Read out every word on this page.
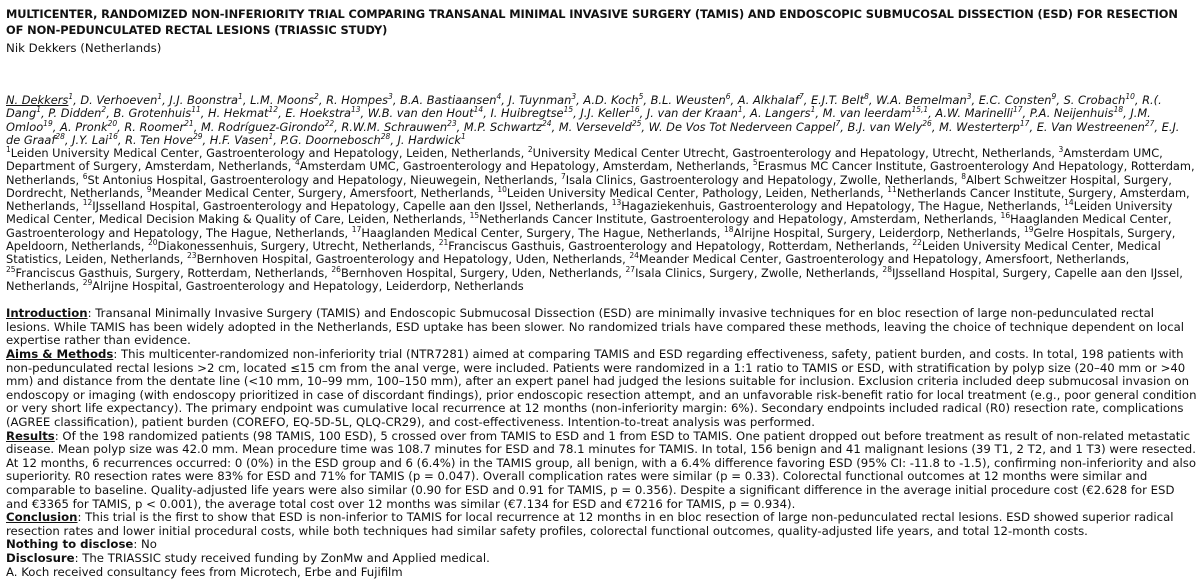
MULTICENTER, RANDOMIZED NON-INFERIORITY TRIAL COMPARING TRANSANAL MINIMAL INVASIVE SURGERY (TAMIS) AND ENDOSCOPIC SUBMUCOSAL DISSECTION (ESD) FOR RESECTION OF NON-PEDUNCULATED RECTAL LESIONS (TRIASSIC STUDY)
Nik Dekkers (Netherlands)
N. Dekkers$^1$, D. Verhoeven$^1$, J.J. Boonstra$^1$, L.M. Moons$^2$, R. Hompes$^3$, B.A. Bastiaansen$^4$, J. Tuynman$^3$, A.D. Koch$^5$, B.L. Weusten$^6$, A. Alkhalaf$^7$, E.J.T. Belt$^8$, W.A. Bemelman$^3$, E.C. Consten$^9$, S. Crobach$^{10}$, R.(. Dang$^1$, P. Didden$^2$, B. Grotenhuis$^{11}$, H. Hekmat$^{12}$, E. Hoekstra$^{13}$, W.B. van den Hout$^{14}$, I. Huibregtse$^{15}$, J.J. Keller$^{16}$, J. van der Kraan$^1$, A. Langers$^1$, M. van leerdam$^{15,1}$, A.W. Marinelli$^{17}$, P.A. Neijenhuis$^{18}$, J.M. Omloo$^{19}$, A. Pronk$^{20}$, R. Roomer$^{21}$, M. Rodríguez-Girondo$^{22}$, R.W.M. Schrauwen$^{23}$, M.P. Schwartz$^{24}$, M. Verseveld$^{25}$, W. De Vos Tot Nederveen Cappel$^7$, B.J. van Wely$^{26}$, M. Westerterp$^{17}$, E. Van Westreenen$^{27}$, E.J. de Graaf$^{28}$, J.Y. Lai$^{16}$, R. Ten Hove$^{29}$, H.F. Vasen$^1$, P.G. Doornebosch$^{28}$, J. Hardwick$^1$
$^1$Leiden University Medical Center, Gastroenterology and Hepatology, Leiden, Netherlands, $^2$University Medical Center Utrecht, Gastroenterology and Hepatology, Utrecht, Netherlands, $^3$Amsterdam UMC, Department of Surgery, Amsterdam, Netherlands, $^4$Amsterdam UMC, Gastroenterology and Hepatology, Amsterdam, Netherlands, $^5$Erasmus MC Cancer Institute, Gastroenterology And Hepatology, Rotterdam, Netherlands, $^6$St Antonius Hospital, Gastroenterology and Hepatology, Nieuwegein, Netherlands, $^7$Isala Clinics, Gastroenterology and Hepatology, Zwolle, Netherlands, $^8$Albert Schweitzer Hospital, Surgery, Dordrecht, Netherlands, $^9$Meander Medical Center, Surgery, Amersfoort, Netherlands, $^{10}$Leiden University Medical Center, Pathology, Leiden, Netherlands, $^{11}$Netherlands Cancer Institute, Surgery, Amsterdam, Netherlands, $^{12}$IJsselland Hospital, Gastroenterology and Hepatology, Capelle aan den IJssel, Netherlands, $^{13}$Hagaziekenhuis, Gastroenterology and Hepatology, The Hague, Netherlands, $^{14}$Leiden University Medical Center, Medical Decision Making & Quality of Care, Leiden, Netherlands, $^{15}$Netherlands Cancer Institute, Gastroenterology and Hepatology, Amsterdam, Netherlands, $^{16}$Haaglanden Medical Center, Gastroenterology and Hepatology, The Hague, Netherlands, $^{17}$Haaglanden Medical Center, Surgery, The Hague, Netherlands, $^{18}$Alrijne Hospital, Surgery, Leiderdorp, Netherlands, $^{19}$Gelre Hospitals, Surgery, Apeldoorn, Netherlands, $^{20}$Diakonessenhuis, Surgery, Utrecht, Netherlands, $^{21}$Franciscus Gasthuis, Gastroenterology and Hepatology, Rotterdam, Netherlands, $^{22}$Leiden University Medical Center, Medical Statistics, Leiden, Netherlands, $^{23}$Bernhoven Hospital, Gastroenterology and Hepatology, Uden, Netherlands, $^{24}$Meander Medical Center, Gastroenterology and Hepatology, Amersfoort, Netherlands, $^{25}$Franciscus Gasthuis, Surgery, Rotterdam, Netherlands, $^{26}$Bernhoven Hospital, Surgery, Uden, Netherlands, $^{27}$Isala Clinics, Surgery, Zwolle, Netherlands, $^{28}$IJsselland Hospital, Surgery, Capelle aan den IJssel, Netherlands, $^{29}$Alrijne Hospital, Gastroenterology and Hepatology, Leiderdorp, Netherlands

Introduction: Transanal Minimally Invasive Surgery (TAMIS) and Endoscopic Submucosal Dissection (ESD) are minimally invasive techniques for en bloc resection of large non-pedunculated rectal lesions. While TAMIS has been widely adopted in the Netherlands, ESD uptake has been slower. No randomized trials have compared these methods, leaving the choice of technique dependent on local expertise rather than evidence.

Aims & Methods: This multicenter-randomized non-inferiority trial (NTR7281) aimed at comparing TAMIS and ESD regarding effectiveness, safety, patient burden, and costs. In total, 198 patients with non-pedunculated rectal lesions >2 cm, located ≤15 cm from the anal verge, were included. Patients were randomized in a 1:1 ratio to TAMIS or ESD, with stratification by polyp size (20–40 mm or >40 mm) and distance from the dentate line (<10 mm, 10–99 mm, 100–150 mm), after an expert panel had judged the lesions suitable for inclusion. Exclusion criteria included deep submucosal invasion on endoscopy or imaging (with endoscopy prioritized in case of discordant findings), prior endoscopic resection attempt, and an unfavorable risk-benefit ratio for local treatment (e.g., poor general condition or very short life expectancy). The primary endpoint was cumulative local recurrence at 12 months (non-inferiority margin: 6%). Secondary endpoints included radical (R0) resection rate, complications (AGREE classification), patient burden (COREFO, EQ-5D-5L, QLQ-CR29), and cost-effectiveness. Intention-to-treat analysis was performed.

Results: Of the 198 randomized patients (98 TAMIS, 100 ESD), 5 crossed over from TAMIS to ESD and 1 from ESD to TAMIS. One patient dropped out before treatment as result of non-related metastatic disease. Mean polyp size was 42.0 mm. Mean procedure time was 108.7 minutes for ESD and 78.1 minutes for TAMIS. In total, 156 benign and 41 malignant lesions (39 T1, 2 T2, and 1 T3) were resected. At 12 months, 6 recurrences occurred: 0 (0%) in the ESD group and 6 (6.4%) in the TAMIS group, all benign, with a 6.4% difference favoring ESD (95% CI: -11.8 to -1.5), confirming non-inferiority and also superiority. R0 resection rates were 83% for ESD and 71% for TAMIS (p = 0.047). Overall complication rates were similar (p = 0.33). Colorectal functional outcomes at 12 months were similar and comparable to baseline. Quality-adjusted life years were also similar (0.90 for ESD and 0.91 for TAMIS, p = 0.356). Despite a significant difference in the average initial procedure cost (€2.628 for ESD and €3365 for TAMIS, p < 0.001), the average total cost over 12 months was similar (€7.134 for ESD and €7216 for TAMIS, p = 0.934).

Conclusion: This trial is the first to show that ESD is non-inferior to TAMIS for local recurrence at 12 months in en bloc resection of large non-pedunculated rectal lesions. ESD showed superior radical resection rates and lower initial procedural costs, while both techniques had similar safety profiles, colorectal functional outcomes, quality-adjusted life years, and total 12-month costs.

Nothing to disclose: No

Disclosure: The TRIASSIC study received funding by ZonMw and Applied medical.

A. Koch received consultancy fees from Microtech, Erbe and Fujifilm
